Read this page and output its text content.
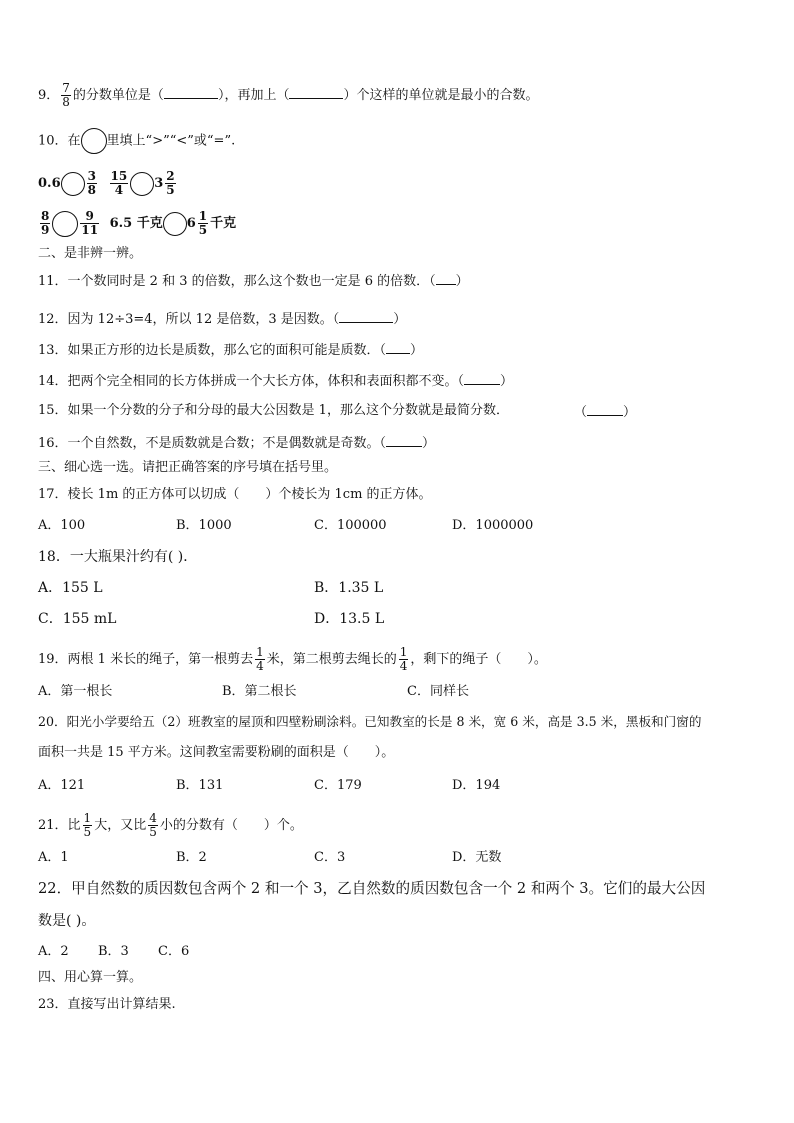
9． $\frac{7}{8}$ 的分数单位是（	），再加上（	）个这样的单位就是最小的合数。
10．在 里填上“>”“<”或“=”.
$0.6 \frac{3}{8}$
$\frac{15}{4} 3 \frac{2}{5}$
$\frac{8}{9}$	$\frac{9}{11} 6.5$ 千克 $6 \frac{1}{5}$ 千克
二、是非辨一辨。
11．一个数同时是 2 和 3 的倍数，那么这个数也一定是 6 的倍数．（ ）
12．因为 12÷3=4，所以 12 是倍数，3 是因数。（	）
13．如果正方形的边长是质数，那么它的面积可能是质数．（ ）
14．把两个完全相同的长方体拼成一个大长方体，体积和表面积都不变。（	）
15．如果一个分数的分子和分母的最大公因数是 1，那么这个分数就是最简分数．	（	）
16．一个自然数，不是质数就是合数；不是偶数就是奇数。（	）
三、细心选一选。请把正确答案的序号填在括号里。
17．棱长 1m 的正方体可以切成（　　）个棱长为 1cm 的正方体。
A．100	B．1000	C．100000	D．1000000
18．一大瓶果汁约有( )．
A．155 L	B．1.35 L
C．155 mL	D．13.5 L
19．两根 1 米长的绳子，第一根剪去 $\frac{1}{4}$ 米，第二根剪去绳长的 $\frac{1}{4}$ ，剩下的绳子（　　）。
A．第一根长	B．第二根长	C．同样长
20．阳光小学要给五（2）班教室的屋顶和四壁粉刷涂料。已知教室的长是 8 米，宽 6 米，高是 3.5 米，黑板和门窗的
面积一共是 15 平方米。这间教室需要粉刷的面积是（　　）。
A．121	B．131	C．179	D．194
21．比 $\frac{1}{5}$ 大，又比 $\frac{4}{5}$ 小的分数有（　　）个。
A．1	B．2	C．3	D．无数
22．甲自然数的质因数包含两个 2 和一个 3，乙自然数的质因数包含一个 2 和两个 3。它们的最大公因
数是( )。
A．2 B．3 C．6
四、用心算一算。
23．直接写出计算结果.
